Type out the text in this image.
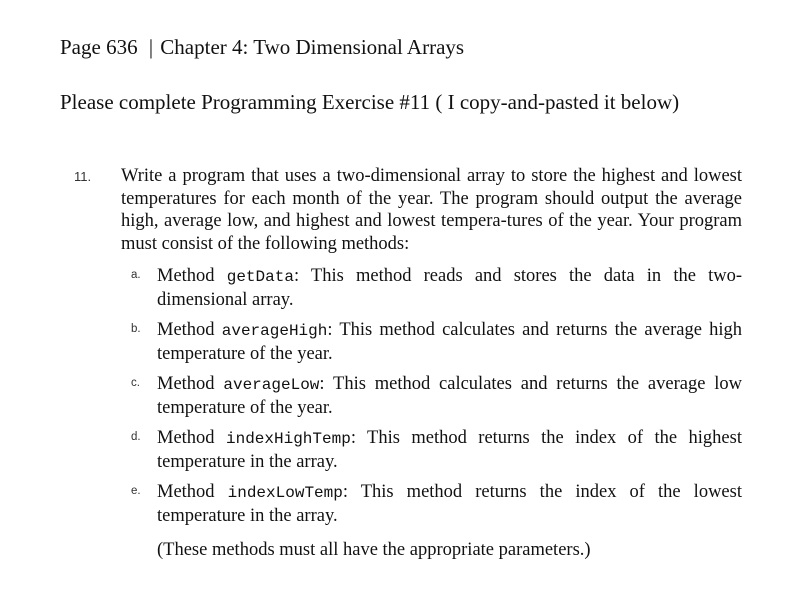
Page 636 | Chapter 4: Two Dimensional Arrays
Please complete Programming Exercise #11 ( I copy-and-pasted it below)
11. Write a program that uses a two-dimensional array to store the highest and lowest temperatures for each month of the year. The program should output the average high, average low, and highest and lowest tempera-tures of the year. Your program must consist of the following methods:
a. Method getData: This method reads and stores the data in the two-dimensional array.
b. Method averageHigh: This method calculates and returns the average high temperature of the year.
c. Method averageLow: This method calculates and returns the average low temperature of the year.
d. Method indexHighTemp: This method returns the index of the highest temperature in the array.
e. Method indexLowTemp: This method returns the index of the lowest temperature in the array.
(These methods must all have the appropriate parameters.)
